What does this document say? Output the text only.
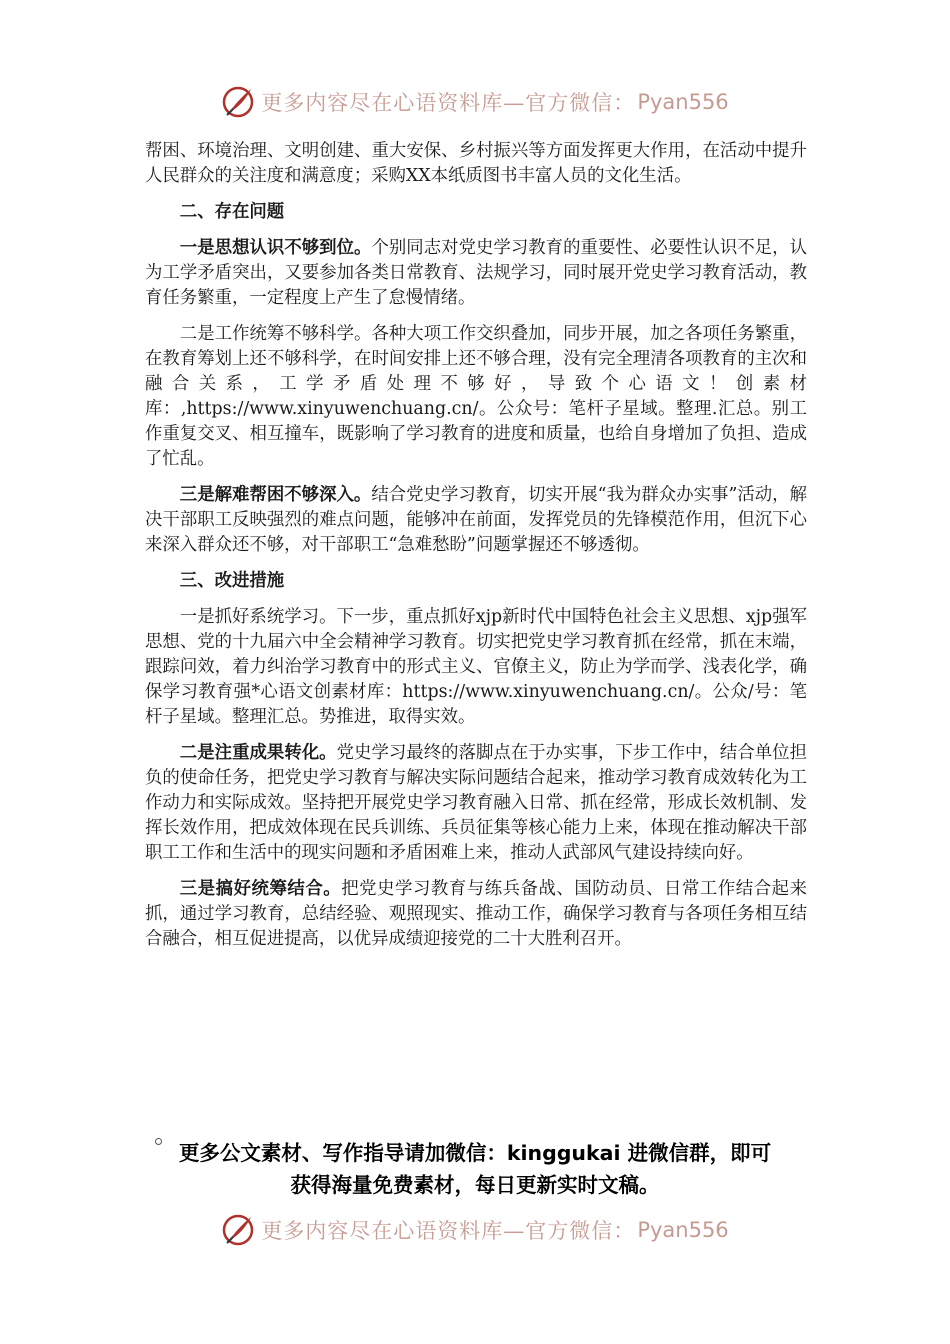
更多内容尽在心语资料库—官方微信： Pyan556

帮困、环境治理、文明创建、重大安保、乡村振兴等方面发挥更大作用，在活动中提升人民群众的关注度和满意度；采购XX本纸质图书丰富人员的文化生活。

二、存在问题

一是思想认识不够到位。个别同志对党史学习教育的重要性、必要性认识不足，认为工学矛盾突出，又要参加各类日常教育、法规学习，同时展开党史学习教育活动，教育任务繁重，一定程度上产生了怠慢情绪。

二是工作统筹不够科学。各种大项工作交织叠加，同步开展，加之各项任务繁重，在教育筹划上还不够科学，在时间安排上还不够合理，没有完全理清各项教育的主次和融合关系，工学矛盾处理不够好，导致个心语文！创素材库：,https://www.xinyuwenchuang.cn/。公众号：笔杆子星域。整理.汇总。别工作重复交叉、相互撞车，既影响了学习教育的进度和质量，也给自身增加了负担、造成了忙乱。

三是解难帮困不够深入。结合党史学习教育，切实开展“我为群众办实事”活动，解决干部职工反映强烈的难点问题，能够冲在前面，发挥党员的先锋模范作用，但沉下心来深入群众还不够，对干部职工“急难愁盼”问题掌握还不够透彻。

三、改进措施

一是抓好系统学习。下一步，重点抓好xjp新时代中国特色社会主义思想、xjp强军思想、党的十九届六中全会精神学习教育。切实把党史学习教育抓在经常，抓在末端，跟踪问效，着力纠治学习教育中的形式主义、官僚主义，防止为学而学、浅表化学，确保学习教育强*心语文创素材库：https://www.xinyuwenchuang.cn/。公众/号：笔杆子星域。整理汇总。势推进，取得实效。

二是注重成果转化。党史学习最终的落脚点在于办实事，下步工作中，结合单位担负的使命任务，把党史学习教育与解决实际问题结合起来，推动学习教育成效转化为工作动力和实际成效。坚持把开展党史学习教育融入日常、抓在经常，形成长效机制、发挥长效作用，把成效体现在民兵训练、兵员征集等核心能力上来，体现在推动解决干部职工工作和生活中的现实问题和矛盾困难上来，推动人武部风气建设持续向好。

三是搞好统筹结合。把党史学习教育与练兵备战、国防动员、日常工作结合起来抓，通过学习教育，总结经验、观照现实、推动工作，确保学习教育与各项任务相互结合融合，相互促进提高，以优异成绩迎接党的二十大胜利召开。

更多公文素材、写作指导请加微信：kinggukai 进微信群，即可
获得海量免费素材，每日更新实时文稿。
更多内容尽在心语资料库—官方微信： Pyan556
